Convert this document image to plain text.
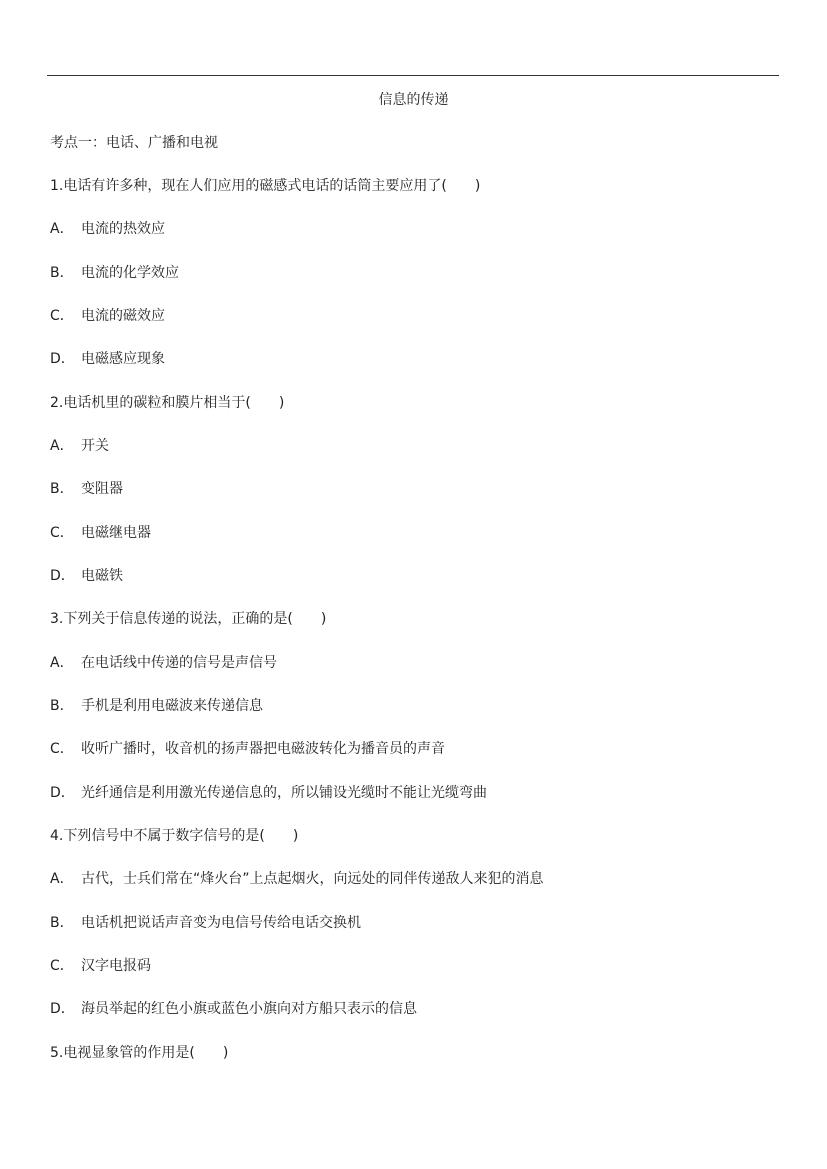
信息的传递
考点一：电话、广播和电视
1.电话有许多种，现在人们应用的磁感式电话的话筒主要应用了(　　)
A． 电流的热效应
B． 电流的化学效应
C． 电流的磁效应
D． 电磁感应现象
2.电话机里的碳粒和膜片相当于(　　)
A． 开关
B． 变阻器
C． 电磁继电器
D． 电磁铁
3.下列关于信息传递的说法，正确的是(　　)
A． 在电话线中传递的信号是声信号
B． 手机是利用电磁波来传递信息
C． 收听广播时，收音机的扬声器把电磁波转化为播音员的声音
D． 光纤通信是利用激光传递信息的，所以铺设光缆时不能让光缆弯曲
4.下列信号中不属于数字信号的是(　　)
A． 古代，士兵们常在“烽火台”上点起烟火，向远处的同伴传递敌人来犯的消息
B． 电话机把说话声音变为电信号传给电话交换机
C． 汉字电报码
D． 海员举起的红色小旗或蓝色小旗向对方船只表示的信息
5.电视显象管的作用是(　　)
